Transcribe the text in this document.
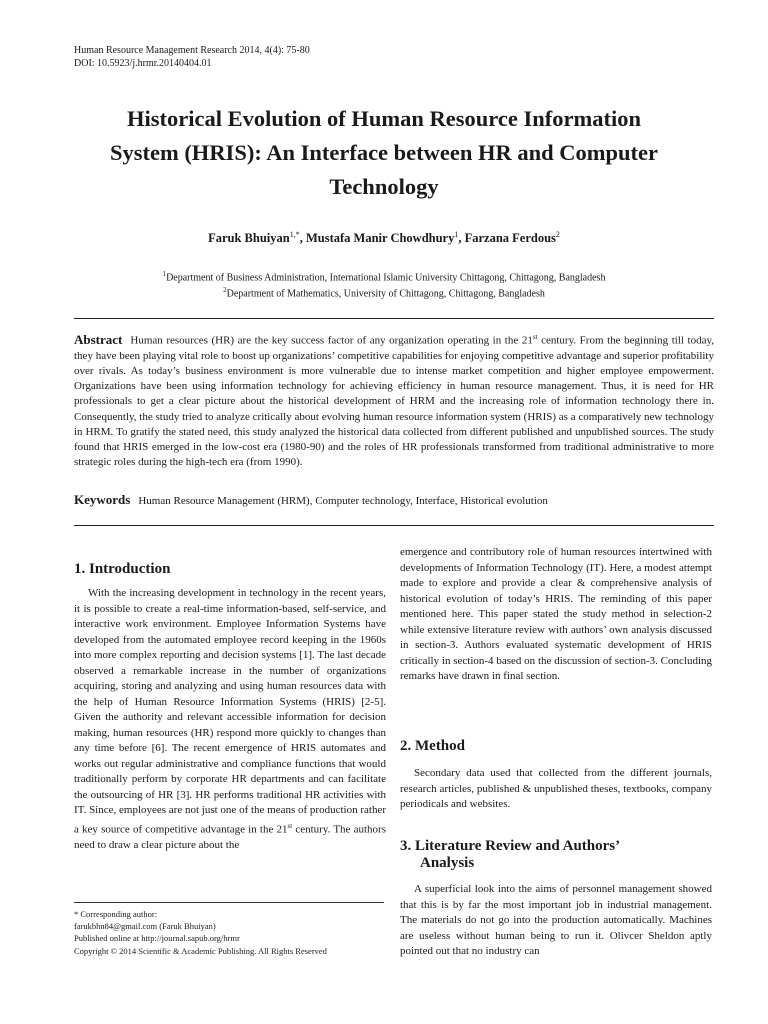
Human Resource Management Research 2014, 4(4): 75-80
DOI: 10.5923/j.hrmr.20140404.01
Historical Evolution of Human Resource Information
System (HRIS): An Interface between HR and Computer
Technology
Faruk Bhuiyan$^{1,*}$, Mustafa Manir Chowdhury$^1$, Farzana Ferdous$^2$
$^1$Department of Business Administration, International Islamic University Chittagong, Chittagong, Bangladesh
$^2$Department of Mathematics, University of Chittagong, Chittagong, Bangladesh
Abstract Human resources (HR) are the key success factor of any organization operating in the 21st century. From the beginning till today, they have been playing vital role to boost up organizations’ competitive capabilities for enjoying competitive advantage and superior profitability over rivals. As today’s business environment is more vulnerable due to intense market competition and higher employee empowerment. Organizations have been using information technology for achieving efficiency in human resource management. Thus, it is need for HR professionals to get a clear picture about the historical development of HRM and the increasing role of information technology there in. Consequently, the study tried to analyze critically about evolving human resource information system (HRIS) as a comparatively new technology in HRM. To gratify the stated need, this study analyzed the historical data collected from different published and unpublished sources. The study found that HRIS emerged in the low-cost era (1980-90) and the roles of HR professionals transformed from traditional administrative to more strategic roles during the high-tech era (from 1990).
Keywords Human Resource Management (HRM), Computer technology, Interface, Historical evolution
1. Introduction

With the increasing development in technology in the recent years, it is possible to create a real-time information-based, self-service, and interactive work environment. Employee Information Systems have developed from the automated employee record keeping in the 1960s into more complex reporting and decision systems [1]. The last decade observed a remarkable increase in the number of organizations acquiring, storing and analyzing and using human resources data with the help of Human Resource Information Systems (HRIS) [2-5]. Given the authority and relevant accessible information for decision making, human resources (HR) respond more quickly to changes than any time before [6]. The recent emergence of HRIS automates and works out regular administrative and compliance functions that would traditionally perform by corporate HR departments and can facilitate the outsourcing of HR [3]. HR performs traditional HR activities with IT. Since, employees are not just one of the means of production rather a key source of competitive advantage in the 21st century. The authors need to draw a clear picture about the

* Corresponding author:
farukbhn84@gmail.com (Faruk Bhuiyan)
Published online at http://journal.sapub.org/hrmr
Copyright © 2014 Scientific & Academic Publishing. All Rights Reserved

emergence and contributory role of human resources intertwined with developments of Information Technology (IT). Here, a modest attempt made to explore and provide a clear & comprehensive analysis of historical evolution of today’s HRIS. The reminding of this paper mentioned here. This paper stated the study method in selection-2 while extensive literature review with authors’ own analysis discussed in section-3. Authors evaluated systematic development of HRIS critically in section-4 based on the discussion of section-3. Concluding remarks have drawn in final section.

2. Method

Secondary data used that collected from the different journals, research articles, published & unpublished theses, textbooks, company periodicals and websites.

3. Literature Review and Authors’
Analysis

A superficial look into the aims of personnel management showed that this is by far the most important job in industrial management. The materials do not go into the production automatically. Machines are useless without human being to run it. Olivcer Sheldon aptly pointed out that no industry can
